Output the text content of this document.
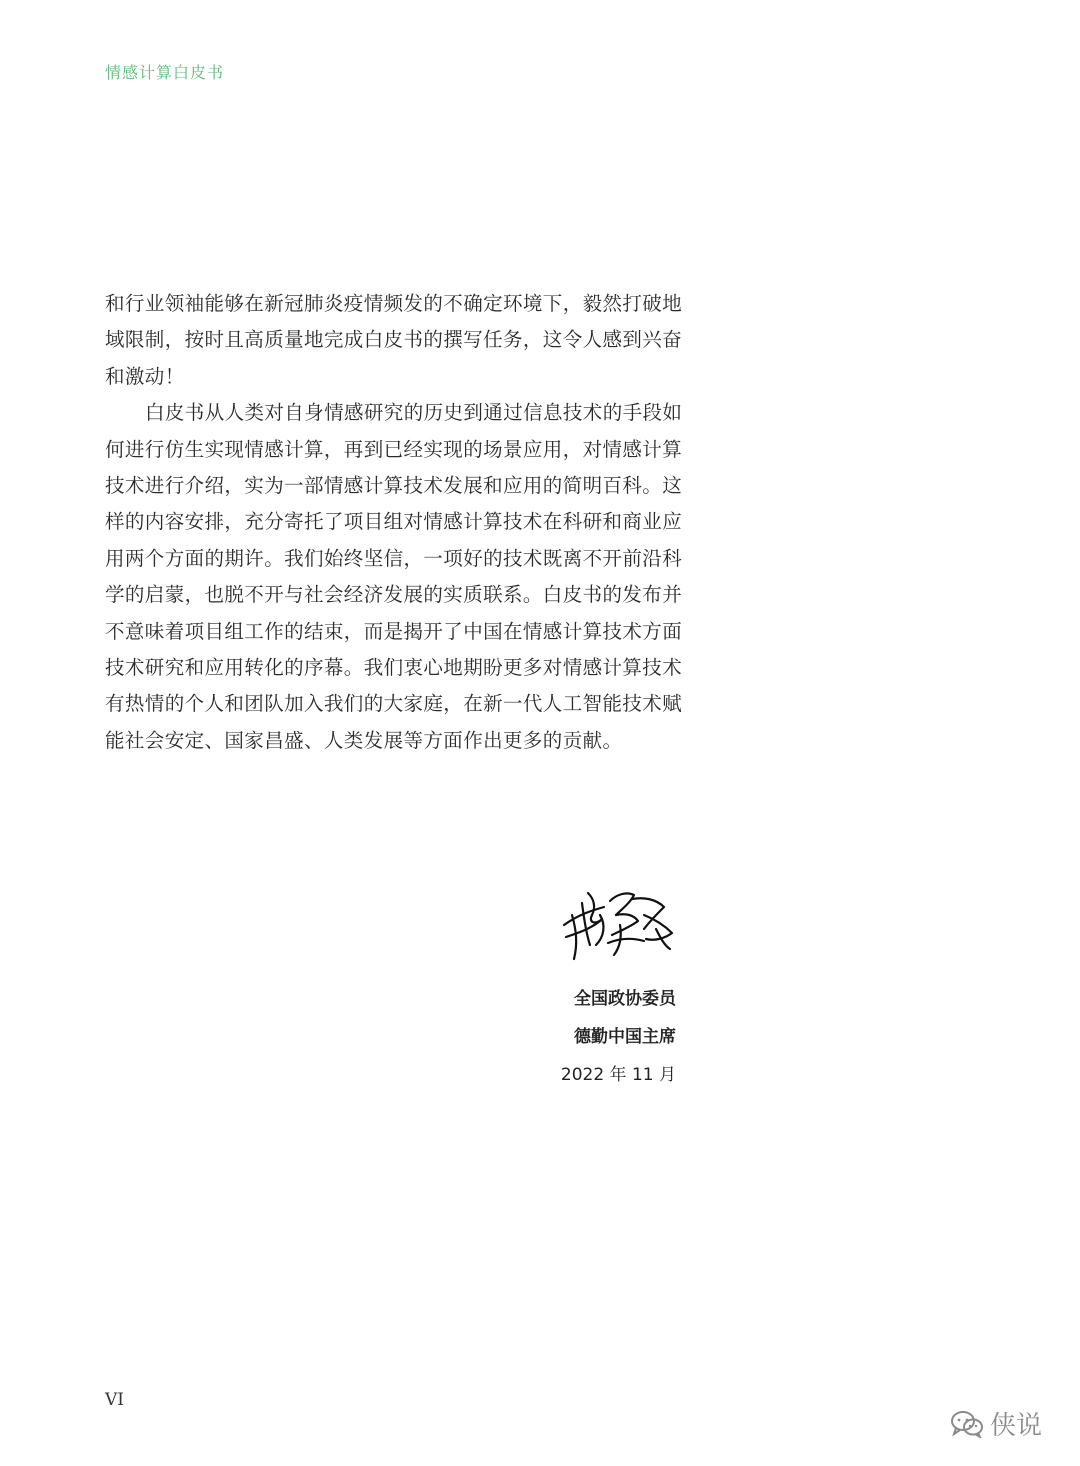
情感计算白皮书
和行业领袖能够在新冠肺炎疫情频发的不确定环境下，毅然打破地
域限制，按时且高质量地完成白皮书的撰写任务，这令人感到兴奋
和激动！
白皮书从人类对自身情感研究的历史到通过信息技术的手段如
何进行仿生实现情感计算，再到已经实现的场景应用，对情感计算
技术进行介绍，实为一部情感计算技术发展和应用的简明百科。这
样的内容安排，充分寄托了项目组对情感计算技术在科研和商业应
用两个方面的期许。我们始终坚信，一项好的技术既离不开前沿科
学的启蒙，也脱不开与社会经济发展的实质联系。白皮书的发布并
不意味着项目组工作的结束，而是揭开了中国在情感计算技术方面
技术研究和应用转化的序幕。我们衷心地期盼更多对情感计算技术
有热情的个人和团队加入我们的大家庭，在新一代人工智能技术赋
能社会安定、国家昌盛、人类发展等方面作出更多的贡献。
全国政协委员
德勤中国主席
2022 年 11 月
VI
侠说
